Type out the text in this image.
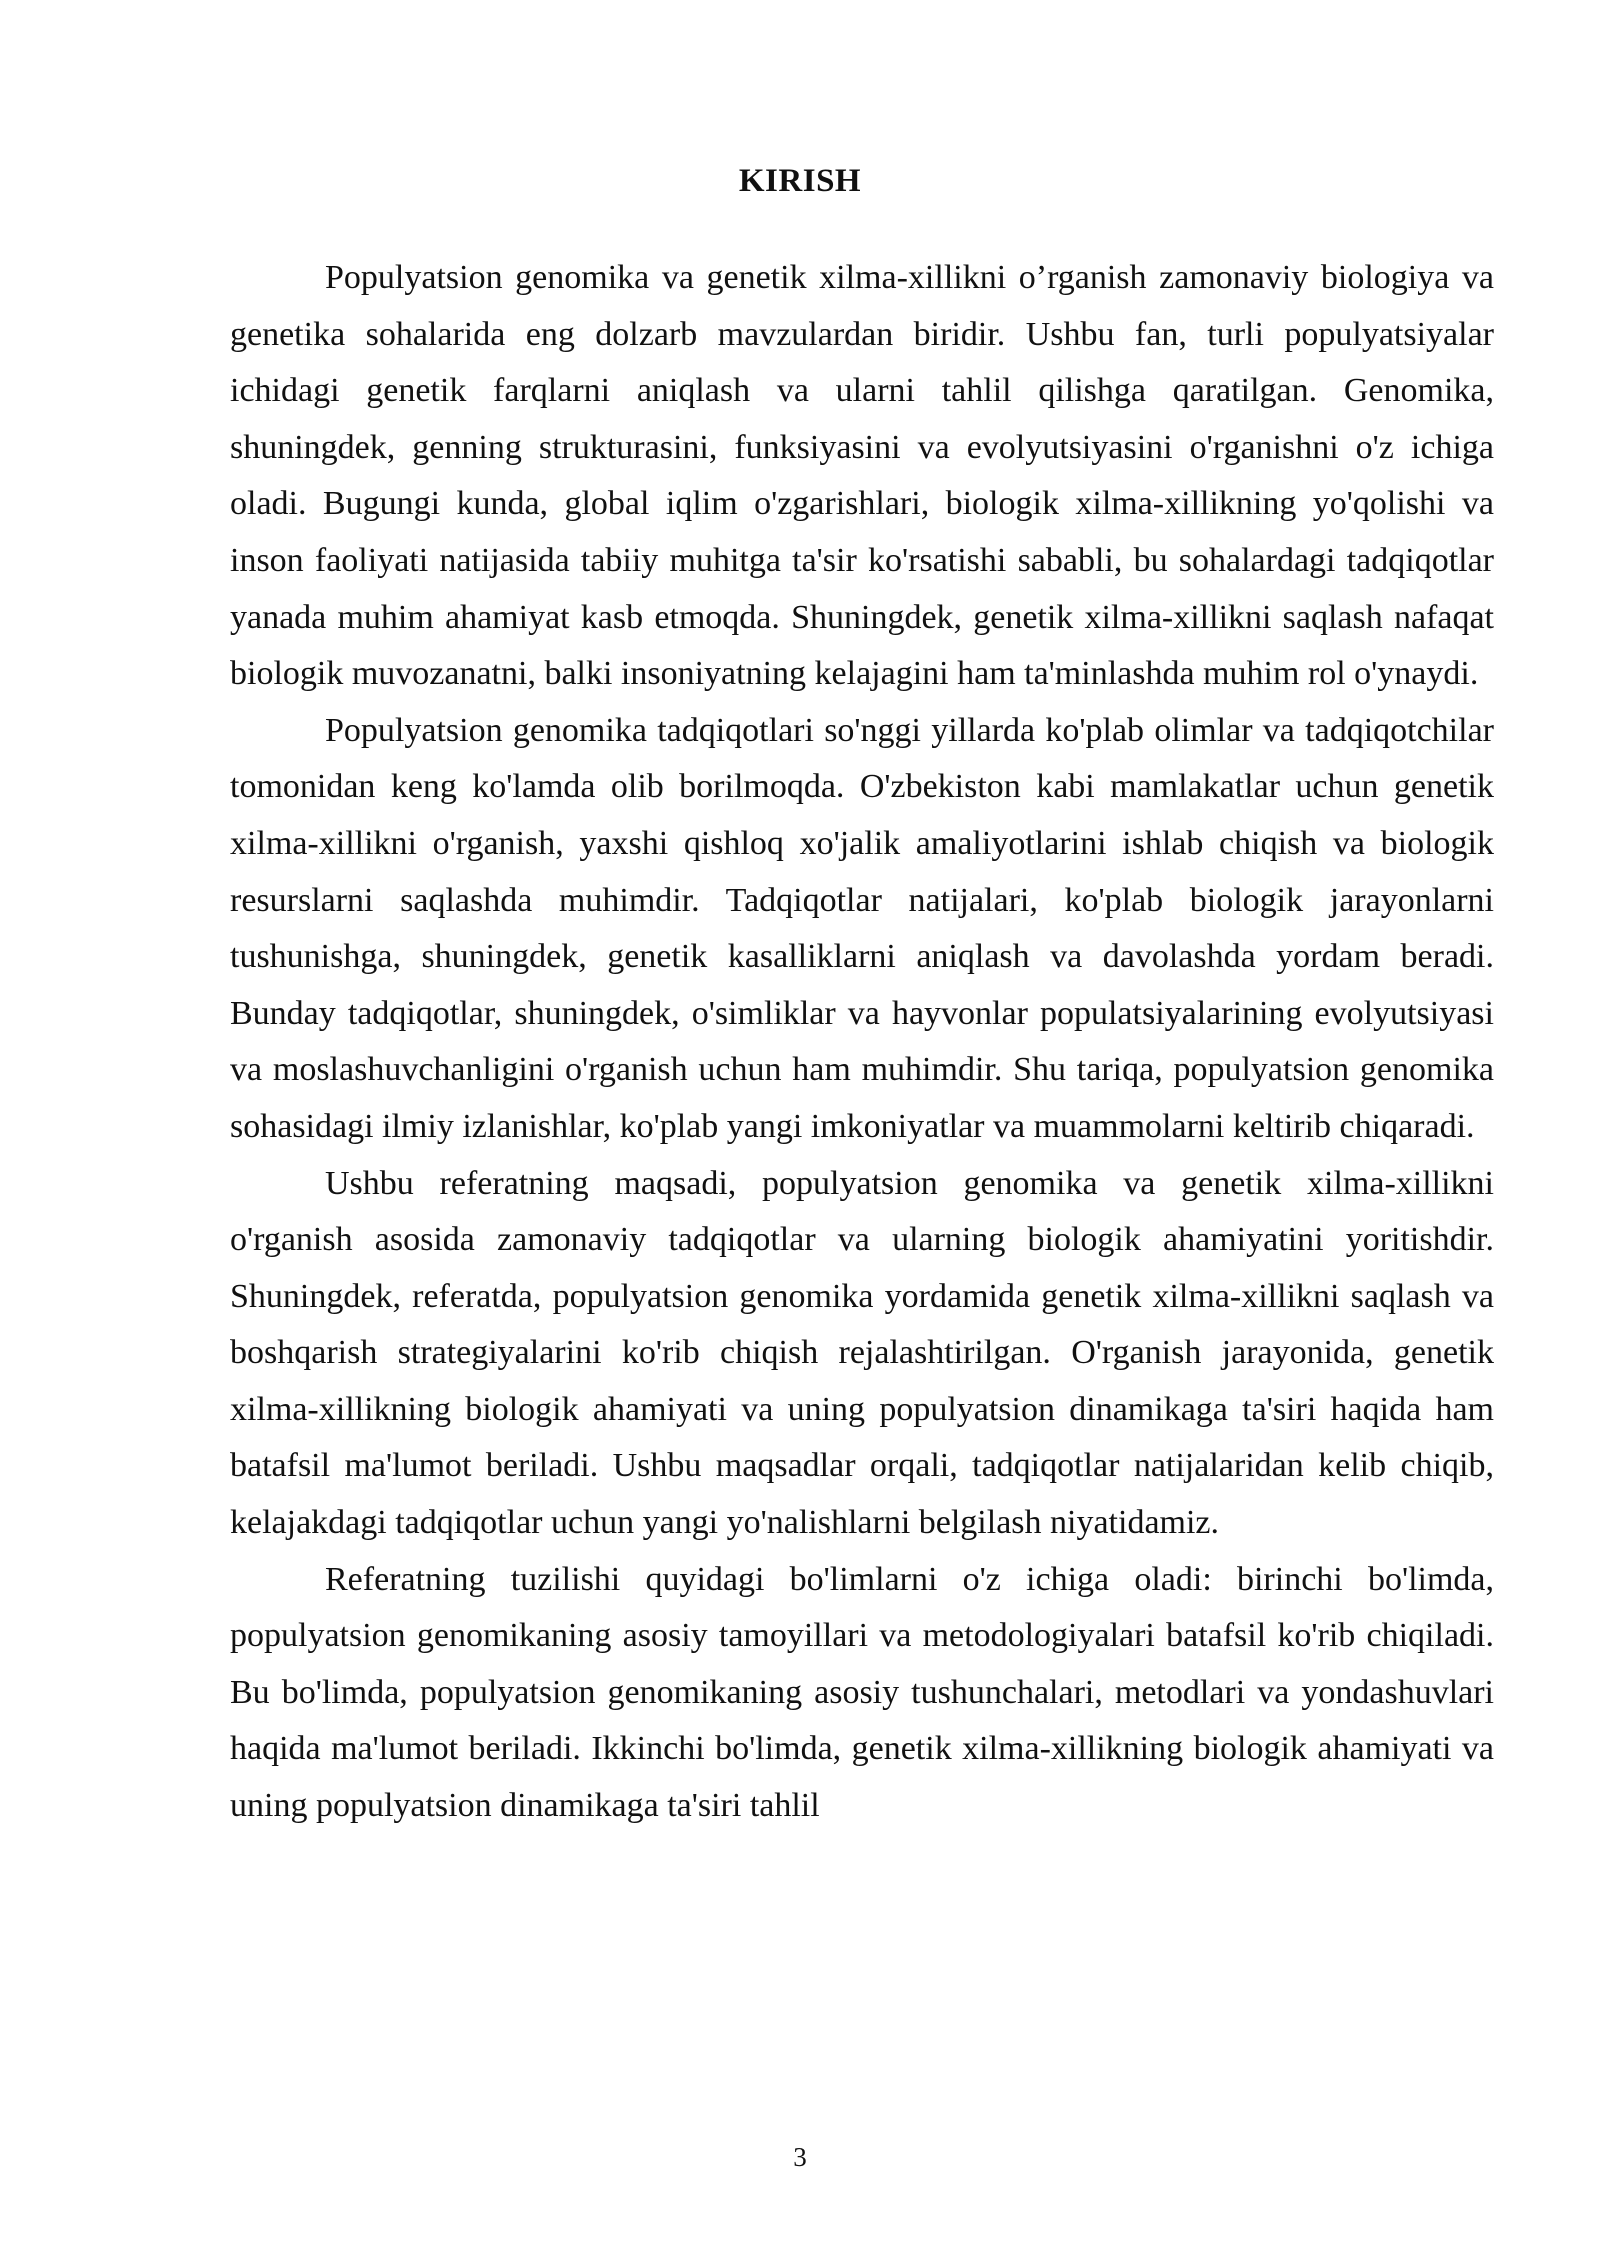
KIRISH

Populyatsion genomika va genetik xilma-xillikni o’rganish zamonaviy biologiya va genetika sohalarida eng dolzarb mavzulardan biridir. Ushbu fan, turli populyatsiyalar ichidagi genetik farqlarni aniqlash va ularni tahlil qilishga qaratilgan. Genomika, shuningdek, genning strukturasini, funksiyasini va evolyutsiyasini o'rganishni o'z ichiga oladi. Bugungi kunda, global iqlim o'zgarishlari, biologik xilma-xillikning yo'qolishi va inson faoliyati natijasida tabiiy muhitga ta'sir ko'rsatishi sababli, bu sohalardagi tadqiqotlar yanada muhim ahamiyat kasb etmoqda. Shuningdek, genetik xilma-xillikni saqlash nafaqat biologik muvozanatni, balki insoniyatning kelajagini ham ta'minlashda muhim rol o'ynaydi.

Populyatsion genomika tadqiqotlari so'nggi yillarda ko'plab olimlar va tadqiqotchilar tomonidan keng ko'lamda olib borilmoqda. O'zbekiston kabi mamlakatlar uchun genetik xilma-xillikni o'rganish, yaxshi qishloq xo'jalik amaliyotlarini ishlab chiqish va biologik resurslarni saqlashda muhimdir. Tadqiqotlar natijalari, ko'plab biologik jarayonlarni tushunishga, shuningdek, genetik kasalliklarni aniqlash va davolashda yordam beradi. Bunday tadqiqotlar, shuningdek, o'simliklar va hayvonlar populatsiyalarining evolyutsiyasi va moslashuvchanligini o'rganish uchun ham muhimdir. Shu tariqa, populyatsion genomika sohasidagi ilmiy izlanishlar, ko'plab yangi imkoniyatlar va muammolarni keltirib chiqaradi.

Ushbu referatning maqsadi, populyatsion genomika va genetik xilma-xillikni o'rganish asosida zamonaviy tadqiqotlar va ularning biologik ahamiyatini yoritishdir. Shuningdek, referatda, populyatsion genomika yordamida genetik xilma-xillikni saqlash va boshqarish strategiyalarini ko'rib chiqish rejalashtirilgan. O'rganish jarayonida, genetik xilma-xillikning biologik ahamiyati va uning populyatsion dinamikaga ta'siri haqida ham batafsil ma'lumot beriladi. Ushbu maqsadlar orqali, tadqiqotlar natijalaridan kelib chiqib, kelajakdagi tadqiqotlar uchun yangi yo'nalishlarni belgilash niyatidamiz.

Referatning tuzilishi quyidagi bo'limlarni o'z ichiga oladi: birinchi bo'limda, populyatsion genomikaning asosiy tamoyillari va metodologiyalari batafsil ko'rib chiqiladi. Bu bo'limda, populyatsion genomikaning asosiy tushunchalari, metodlari va yondashuvlari haqida ma'lumot beriladi. Ikkinchi bo'limda, genetik xilma-xillikning biologik ahamiyati va uning populyatsion dinamikaga ta'siri tahlil

3
